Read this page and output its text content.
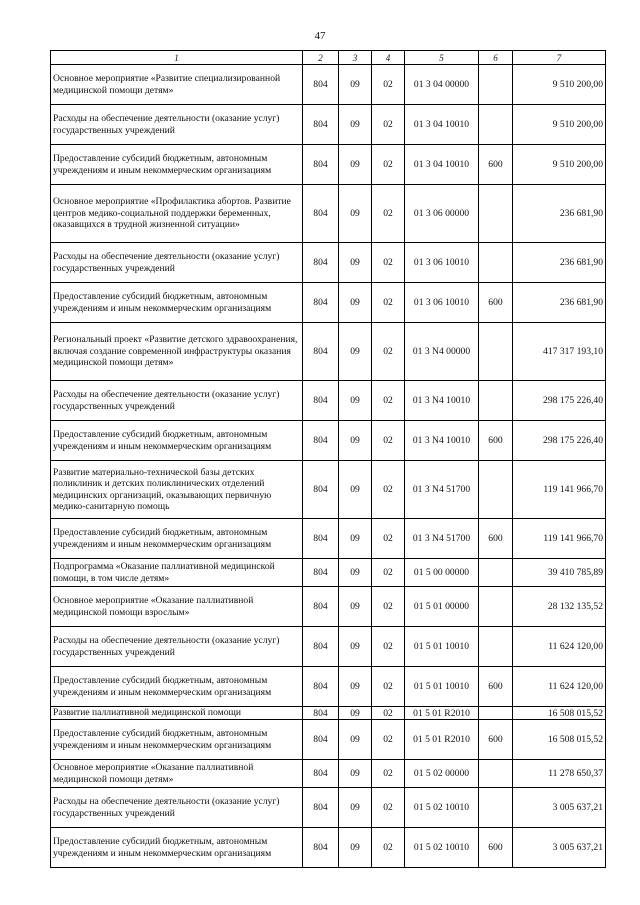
47
1	2	3	4	5	6	7
Основное мероприятие «Развитие специализированной медицинской помощи детям»	804	09	02	01 3 04 00000		9 510 200,00
Расходы на обеспечение деятельности (оказание услуг) государственных учреждений	804	09	02	01 3 04 10010		9 510 200,00
Предоставление субсидий бюджетным, автономным учреждениям и иным некоммерческим организациям	804	09	02	01 3 04 10010	600	9 510 200,00
Основное мероприятие «Профилактика абортов. Развитие центров медико-социальной поддержки беременных, оказавщихся в трудной жизненной ситуации»	804	09	02	01 3 06 00000		236 681,90
Расходы на обеспечение деятельности (оказание услуг) государственных учреждений	804	09	02	01 3 06 10010		236 681,90
Предоставление субсидий бюджетным, автономным учреждениям и иным некоммерческим организациям	804	09	02	01 3 06 10010	600	236 681,90
Региональный проект «Развитие детского здравоохранения, включая создание современной инфраструктуры оказания медицинской помощи детям»	804	09	02	01 3 N4 00000		417 317 193,10
Расходы на обеспечение деятельности (оказание услуг) государственных учреждений	804	09	02	01 3 N4 10010		298 175 226,40
Предоставление субсидий бюджетным, автономным учреждениям и иным некоммерческим организациям	804	09	02	01 3 N4 10010	600	298 175 226,40
Развитие материально-технической базы детских поликлиник и детских поликлинических отделений медицинских организаций, оказывающих первичную медико-санитарную помощь	804	09	02	01 3 N4 51700		119 141 966,70
Предоставление субсидий бюджетным, автономным учреждениям и иным некоммерческим организациям	804	09	02	01 3 N4 51700	600	119 141 966,70
Подпрограмма «Оказание паллиативной медицинской помощи, в том числе детям»	804	09	02	01 5 00 00000		39 410 785,89
Основное мероприятие «Оказание паллиативной медицинской помощи взрослым»	804	09	02	01 5 01 00000		28 132 135,52
Расходы на обеспечение деятельности (оказание услуг) государственных учреждений	804	09	02	01 5 01 10010		11 624 120,00
Предоставление субсидий бюджетным, автономным учреждениям и иным некоммерческим организациям	804	09	02	01 5 01 10010	600	11 624 120,00
Развитие паллиативной медицинской помощи	804	09	02	01 5 01 R2010		16 508 015,52
Предоставление субсидий бюджетным, автономным учреждениям и иным некоммерческим организациям	804	09	02	01 5 01 R2010	600	16 508 015,52
Основное мероприятие «Оказание паллиативной медицинской помощи детям»	804	09	02	01 5 02 00000		11 278 650,37
Расходы на обеспечение деятельности (оказание услуг) государственных учреждений	804	09	02	01 5 02 10010		3 005 637,21
Предоставление субсидий бюджетным, автономным учреждениям и иным некоммерческим организациям	804	09	02	01 5 02 10010	600	3 005 637,21
